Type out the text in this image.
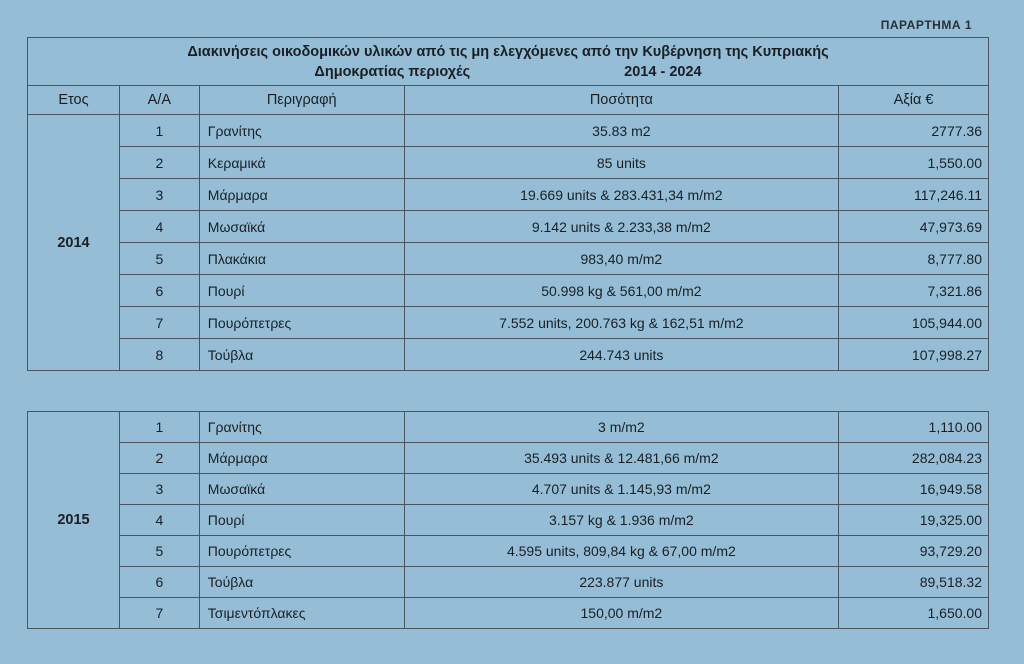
ΠΑΡΑΡΤΗΜΑ 1
Διακινήσεις οικοδομικών υλικών από τις μη ελεγχόμενες από την Κυβέρνηση της Κυπριακής
Δημοκρατίας περιοχές 2014 - 2024				

Ετος	Α/Α	Περιγραφή	Ποσότητα	Αξία €
2014	1	Γρανίτης	35.83 m2	2777.36
	2	Κεραμικά	85 units	1,550.00
	3	Μάρμαρα	19.669 units & 283.431,34 m/m2	117,246.11
	4	Μωσαϊκά	9.142 units & 2.233,38 m/m2	47,973.69
	5	Πλακάκια	983,40 m/m2	8,777.80
	6	Πουρί	50.998 kg & 561,00 m/m2	7,321.86
	7	Πουρόπετρες	7.552 units, 200.763 kg & 162,51 m/m2	105,944.00
	8	Τούβλα	244.743 units	107,998.27
2015	1	Γρανίτης	3 m/m2	1,110.00
	2	Μάρμαρα	35.493 units & 12.481,66 m/m2	282,084.23
	3	Μωσαϊκά	4.707 units & 1.145,93 m/m2	16,949.58
	4	Πουρί	3.157 kg & 1.936 m/m2	19,325.00
	5	Πουρόπετρες	4.595 units, 809,84 kg & 67,00 m/m2	93,729.20
	6	Τούβλα	223.877 units	89,518.32
	7	Τσιμεντόπλακες	150,00 m/m2	1,650.00
